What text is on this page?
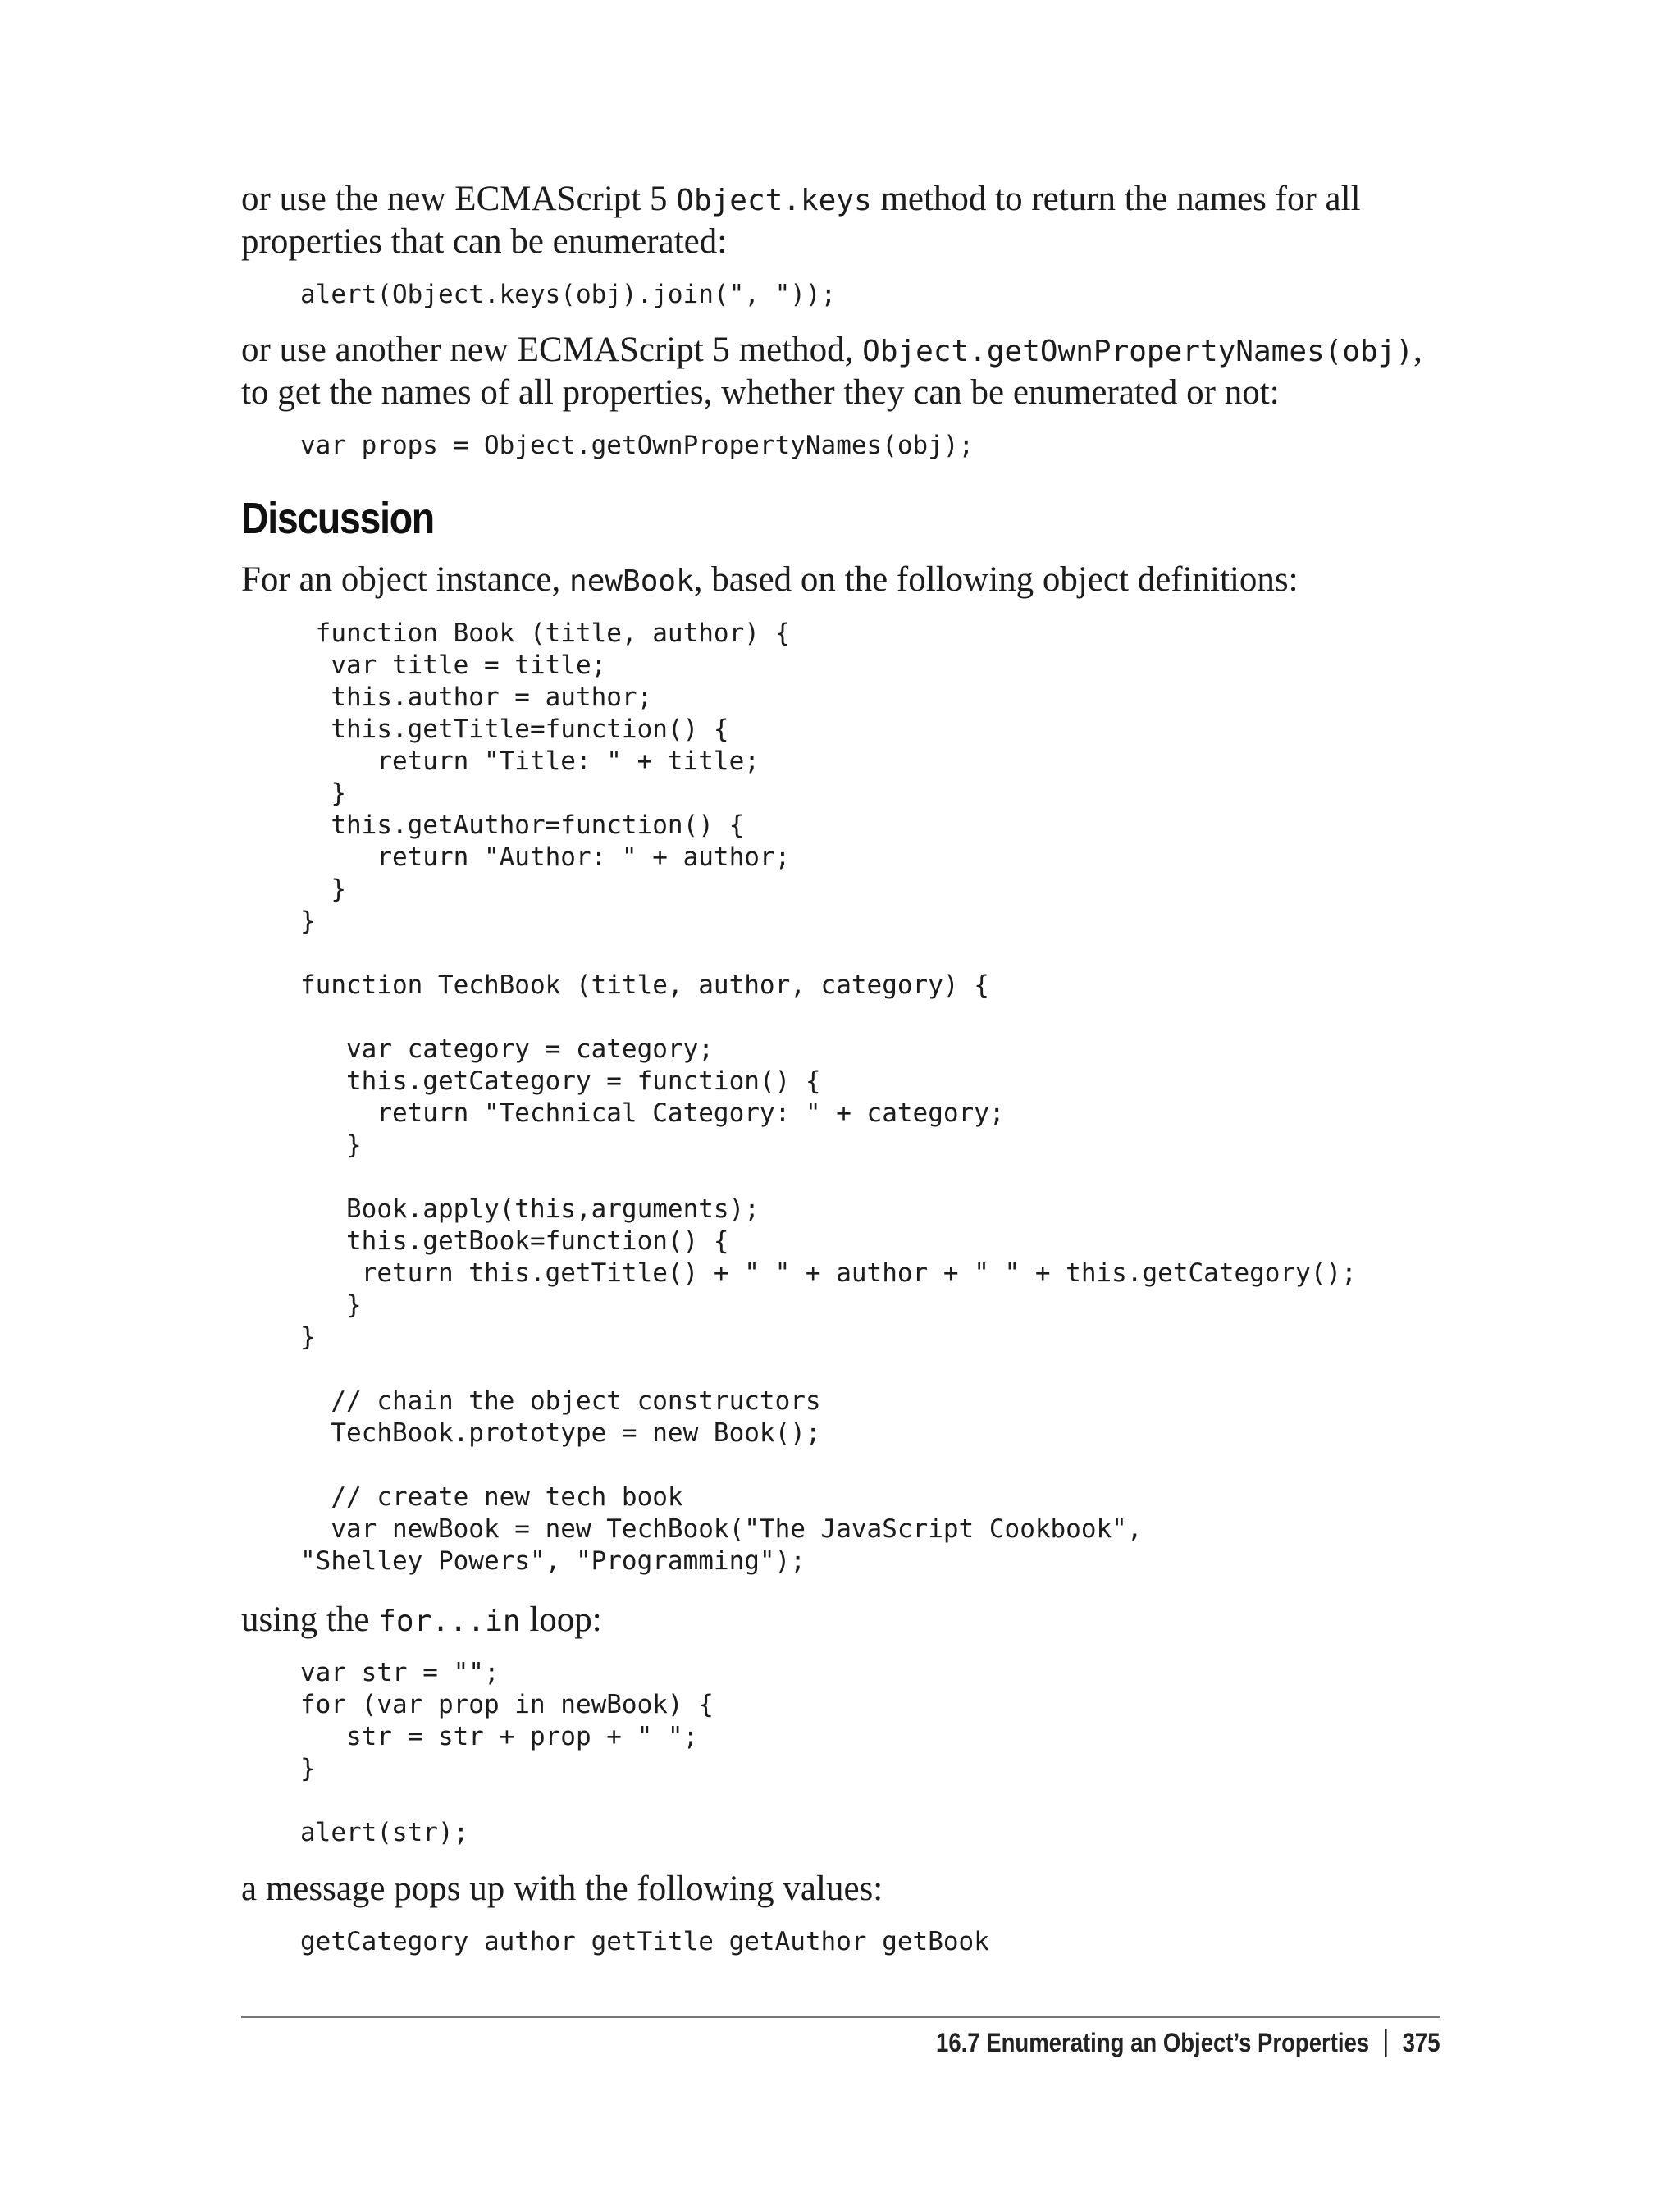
or use the new ECMAScript 5 Object.keys method to return the names for all properties that can be enumerated:

alert(Object.keys(obj).join(", "));

or use another new ECMAScript 5 method, Object.getOwnPropertyNames(obj), to get the names of all properties, whether they can be enumerated or not:

var props = Object.getOwnPropertyNames(obj);
Discussion

For an object instance, newBook, based on the following object definitions:

function Book (title, author) {
var title = title;
this.author = author;
this.getTitle=function() {
return "Title: " + title;
}
this.getAuthor=function() {
return "Author: " + author;
}
}

function TechBook (title, author, category) {

var category = category;
this.getCategory = function() {
return "Technical Category: " + category;
}

Book.apply(this,arguments);
this.getBook=function() {
return this.getTitle() + " " + author + " " + this.getCategory();
}
}

// chain the object constructors
TechBook.prototype = new Book();

// create new tech book
var newBook = new TechBook("The JavaScript Cookbook",
"Shelley Powers", "Programming");

using the for...in loop:

var str = "";
for (var prop in newBook) {
str = str + prop + " ";
}

alert(str);

a message pops up with the following values:

getCategory author getTitle getAuthor getBook
16.7 Enumerating an Object’s Properties 375
